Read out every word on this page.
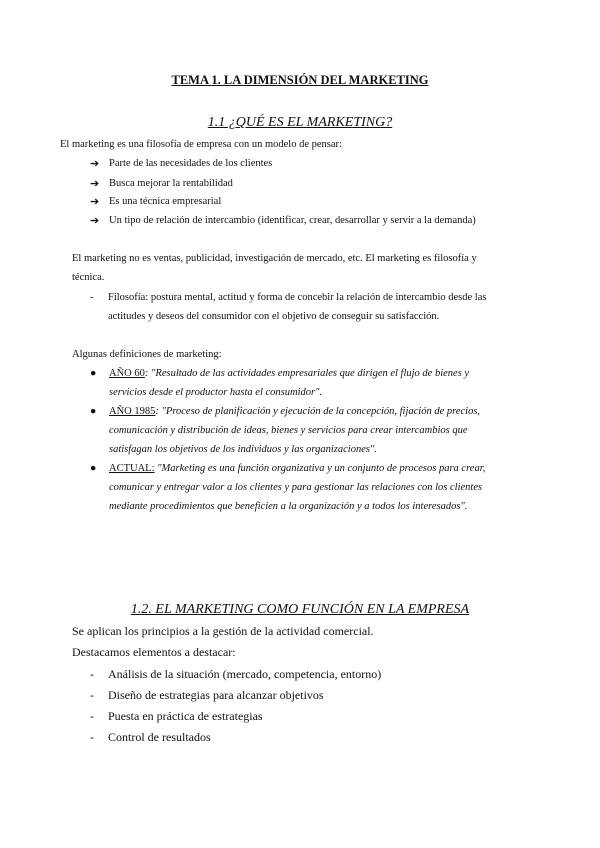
TEMA 1. LA DIMENSIÓN DEL MARKETING
1.1 ¿QUÉ ES EL MARKETING?
El marketing es una filosofía de empresa con un modelo de pensar:
➔ Parte de las necesidades de los clientes
➔ Busca mejorar la rentabilidad
➔ Es una técnica empresarial
➔ Un tipo de relación de intercambio (identificar, crear, desarrollar y servir a la demanda)
El marketing no es ventas, publicidad, investigación de mercado, etc. El marketing es filosofía y
técnica.
- Filosofía: postura mental, actitud y forma de concebir la relación de intercambio desde las
actitudes y deseos del consumidor con el objetivo de conseguir su satisfacción.
Algunas definiciones de marketing:
● AÑO 60: "Resultado de las actividades empresariales que dirigen el flujo de bienes y
servicios desde el productor hasta el consumidor".
● AÑO 1985: "Proceso de planificación y ejecución de la concepción, fijación de precios,
comunicación y distribución de ideas, bienes y servicios para crear intercambios que
satisfagan los objetivos de los individuos y las organizaciones".
● ACTUAL: "Marketing es una función organizativa y un conjunto de procesos para crear,
comunicar y entregar valor a los clientes y para gestionar las relaciones con los clientes
mediante procedimientos que beneficien a la organización y a todos los interesados".
1.2. EL MARKETING COMO FUNCIÓN EN LA EMPRESA
Se aplican los principios a la gestión de la actividad comercial.
Destacamos elementos a destacar:
- Análisis de la situación (mercado, competencia, entorno)
- Diseño de estrategias para alcanzar objetivos
- Puesta en práctica de estrategias
- Control de resultados
